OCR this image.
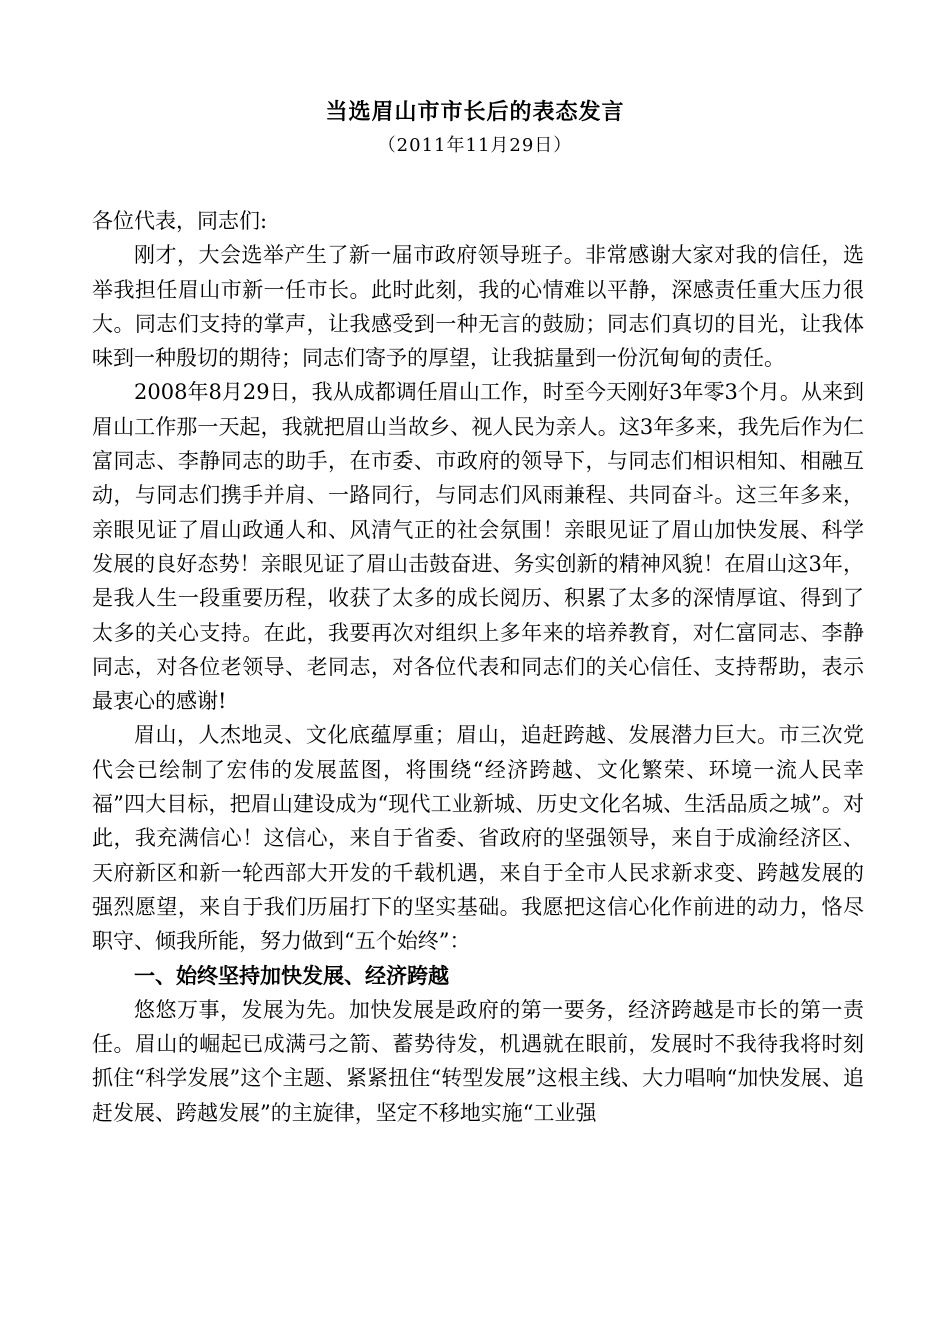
当选眉山市市长后的表态发言
（2011年11月29日）

各位代表，同志们:

刚才，大会选举产生了新一届市政府领导班子。非常感谢大家对我的信任，选举我担任眉山市新一任市长。此时此刻，我的心情难以平静，深感责任重大压力很大。同志们支持的掌声，让我感受到一种无言的鼓励；同志们真切的目光，让我体味到一种殷切的期待；同志们寄予的厚望，让我掂量到一份沉甸甸的责任。

2008年8月29日，我从成都调任眉山工作，时至今天刚好3年零3个月。从来到眉山工作那一天起，我就把眉山当故乡、视人民为亲人。这3年多来，我先后作为仁富同志、李静同志的助手，在市委、市政府的领导下，与同志们相识相知、相融互动，与同志们携手并肩、一路同行，与同志们风雨兼程、共同奋斗。这三年多来，亲眼见证了眉山政通人和、风清气正的社会氛围！亲眼见证了眉山加快发展、科学发展的良好态势！亲眼见证了眉山击鼓奋进、务实创新的精神风貌！在眉山这3年，是我人生一段重要历程，收获了太多的成长阅历、积累了太多的深情厚谊、得到了太多的关心支持。在此，我要再次对组织上多年来的培养教育，对仁富同志、李静同志，对各位老领导、老同志，对各位代表和同志们的关心信任、支持帮助，表示最衷心的感谢!

眉山，人杰地灵、文化底蕴厚重；眉山，追赶跨越、发展潜力巨大。市三次党代会已绘制了宏伟的发展蓝图，将围绕“经济跨越、文化繁荣、环境一流人民幸福”四大目标，把眉山建设成为“现代工业新城、历史文化名城、生活品质之城”。对此，我充满信心！这信心，来自于省委、省政府的坚强领导，来自于成渝经济区、天府新区和新一轮西部大开发的千载机遇，来自于全市人民求新求变、跨越发展的强烈愿望，来自于我们历届打下的坚实基础。我愿把这信心化作前进的动力，恪尽职守、倾我所能，努力做到“五个始终”：

一、始终坚持加快发展、经济跨越

悠悠万事，发展为先。加快发展是政府的第一要务，经济跨越是市长的第一责任。眉山的崛起已成满弓之箭、蓄势待发，机遇就在眼前，发展时不我待我将时刻抓住“科学发展”这个主题、紧紧扭住“转型发展”这根主线、大力唱响“加快发展、追赶发展、跨越发展”的主旋律，坚定不移地实施“工业强
